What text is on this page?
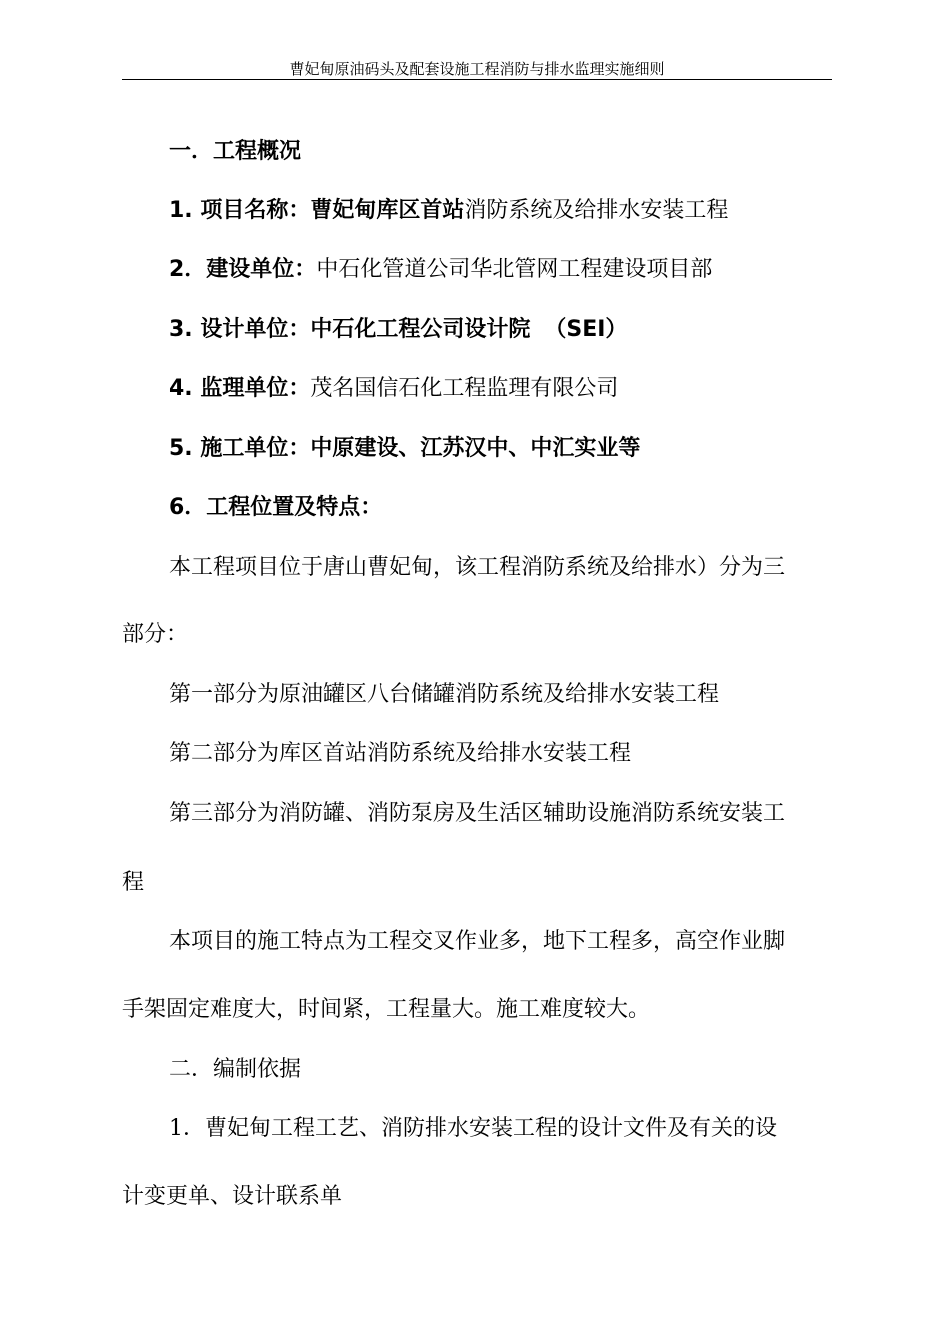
曹妃甸原油码头及配套设施工程消防与排水监理实施细则
一．工程概况
1. 项目名称：曹妃甸库区首站消防系统及给排水安装工程
2．建设单位：中石化管道公司华北管网工程建设项目部
3. 设计单位：中石化工程公司设计院 （SEI）
4. 监理单位：茂名国信石化工程监理有限公司
5. 施工单位：中原建设、江苏汉中、中汇实业等
6．工程位置及特点：
本工程项目位于唐山曹妃甸，该工程消防系统及给排水）分为三
部分：
第一部分为原油罐区八台储罐消防系统及给排水安装工程
第二部分为库区首站消防系统及给排水安装工程
第三部分为消防罐、消防泵房及生活区辅助设施消防系统安装工
程
本项目的施工特点为工程交叉作业多，地下工程多，高空作业脚
手架固定难度大，时间紧，工程量大。施工难度较大。
二．编制依据
1．曹妃甸工程工艺、消防排水安装工程的设计文件及有关的设
计变更单、设计联系单
